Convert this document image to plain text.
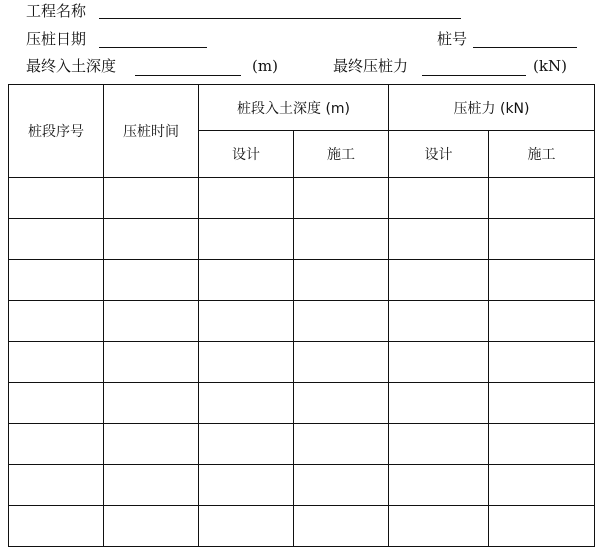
工程名称
压桩日期	桩号
最终入土深度	(m)	最终压桩力	(kN)
桩段序号	压桩时间	桩段入土深度 (m)		压桩力 (kN)	
		设计	施工	设计	施工
